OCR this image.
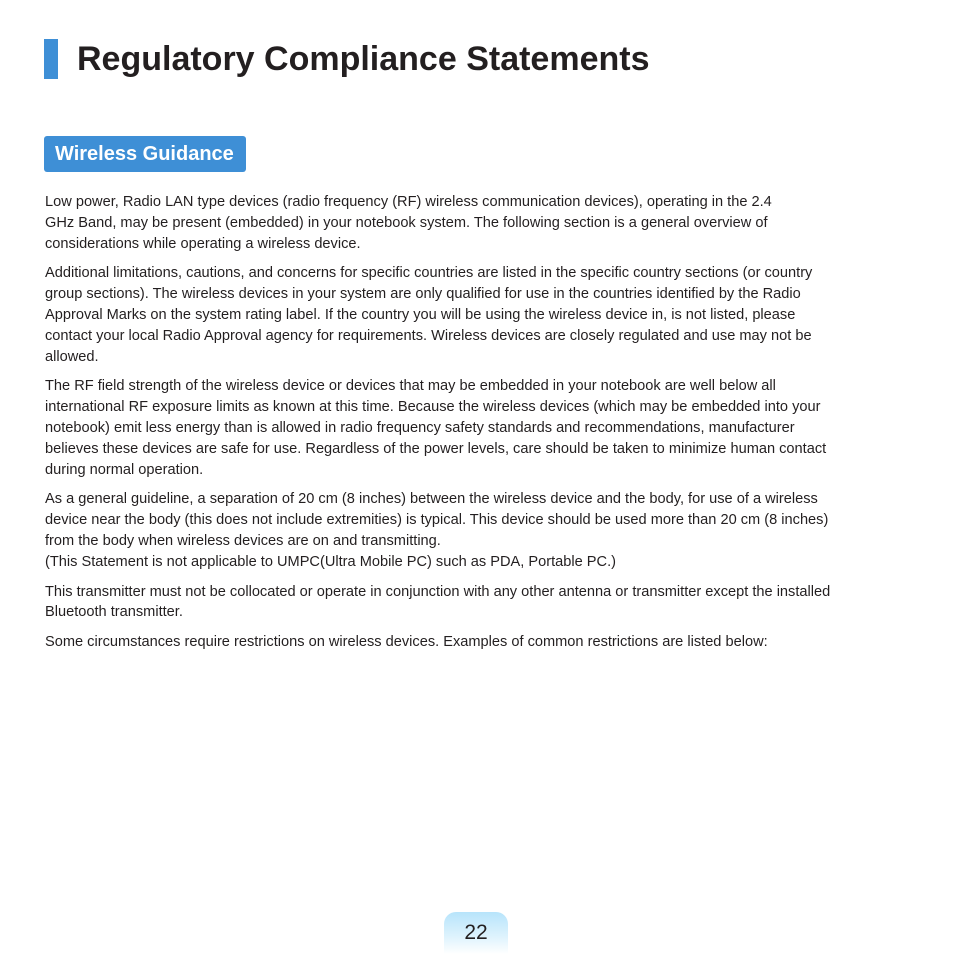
Regulatory Compliance Statements
Wireless Guidance

Low power, Radio LAN type devices (radio frequency (RF) wireless communication devices), operating in the 2.4
GHz Band, may be present (embedded) in your notebook system. The following section is a general overview of
considerations while operating a wireless device.

Additional limitations, cautions, and concerns for specific countries are listed in the specific country sections (or country
group sections). The wireless devices in your system are only qualified for use in the countries identified by the Radio
Approval Marks on the system rating label. If the country you will be using the wireless device in, is not listed, please
contact your local Radio Approval agency for requirements. Wireless devices are closely regulated and use may not be
allowed.

The RF field strength of the wireless device or devices that may be embedded in your notebook are well below all
international RF exposure limits as known at this time. Because the wireless devices (which may be embedded into your
notebook) emit less energy than is allowed in radio frequency safety standards and recommendations, manufacturer
believes these devices are safe for use. Regardless of the power levels, care should be taken to minimize human contact
during normal operation.

As a general guideline, a separation of 20 cm (8 inches) between the wireless device and the body, for use of a wireless
device near the body (this does not include extremities) is typical. This device should be used more than 20 cm (8 inches)
from the body when wireless devices are on and transmitting.
(This Statement is not applicable to UMPC(Ultra Mobile PC) such as PDA, Portable PC.)

This transmitter must not be collocated or operate in conjunction with any other antenna or transmitter except the installed
Bluetooth transmitter.

Some circumstances require restrictions on wireless devices. Examples of common restrictions are listed below:

22
